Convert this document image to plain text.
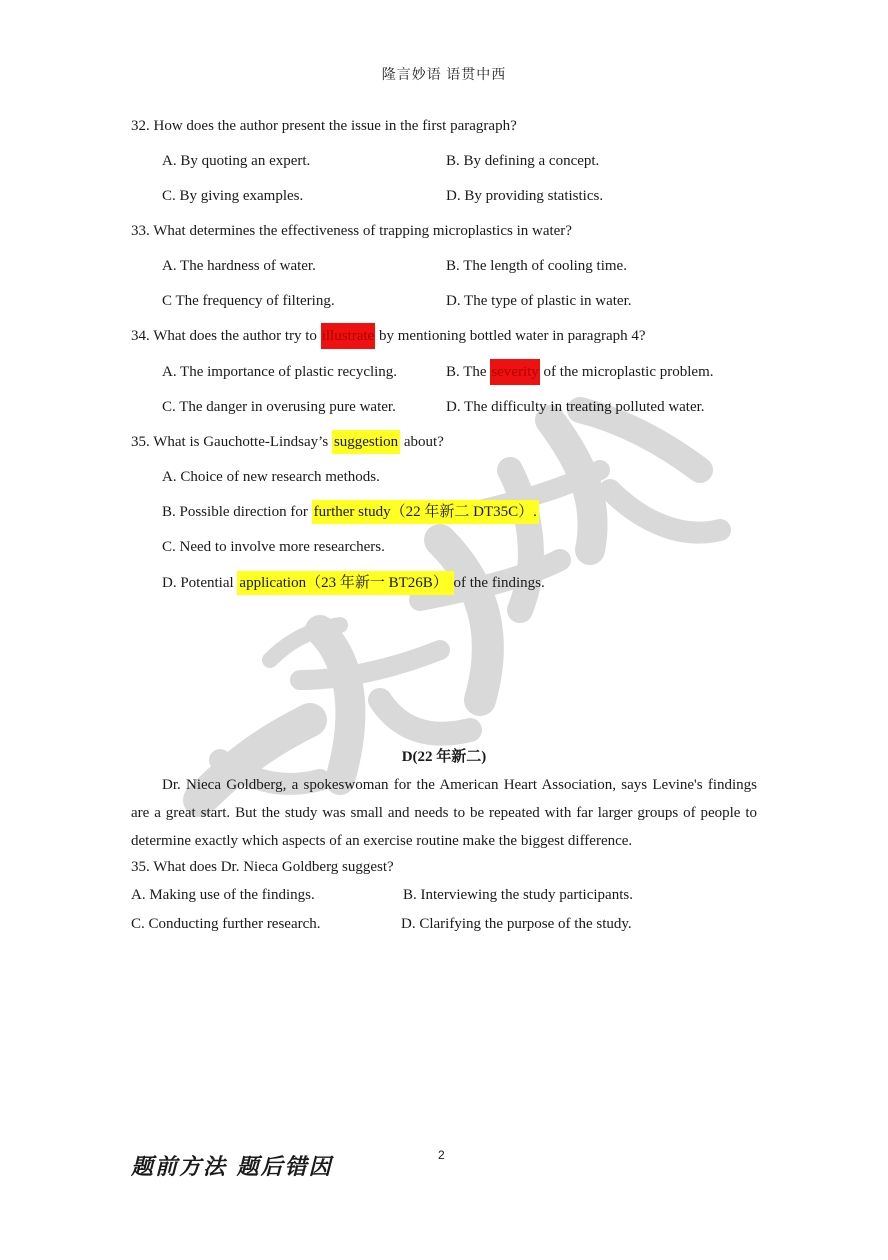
隆言妙语 语贯中西
32. How does the author present the issue in the first paragraph?
A. By quoting an expert.	B. By defining a concept.
C. By giving examples.	D. By providing statistics.
33. What determines the effectiveness of trapping microplastics in water?
A. The hardness of water.	B. The length of cooling time.
C The frequency of filtering.	D. The type of plastic in water.
34. What does the author try to illustrate by mentioning bottled water in paragraph 4?
A. The importance of plastic recycling.	B. The severity of the microplastic problem.
C. The danger in overusing pure water.	D. The difficulty in treating polluted water.
35. What is Gauchotte-Lindsay’s suggestion about?
A. Choice of new research methods.
B. Possible direction for further study（22 年新二 DT35C）.
C. Need to involve more researchers.
D. Potential application（23 年新一 BT26B） of the findings.
D(22 年新二)
Dr. Nieca Goldberg, a spokeswoman for the American Heart Association, says Levine's findings are a great start. But the study was small and needs to be repeated with far larger groups of people to determine exactly which aspects of an exercise routine make the biggest difference.
35. What does Dr. Nieca Goldberg suggest?
A. Making use of the findings.	B. Interviewing the study participants.
C. Conducting further research.	D. Clarifying the purpose of the study.
题前方法 题后错因	2
